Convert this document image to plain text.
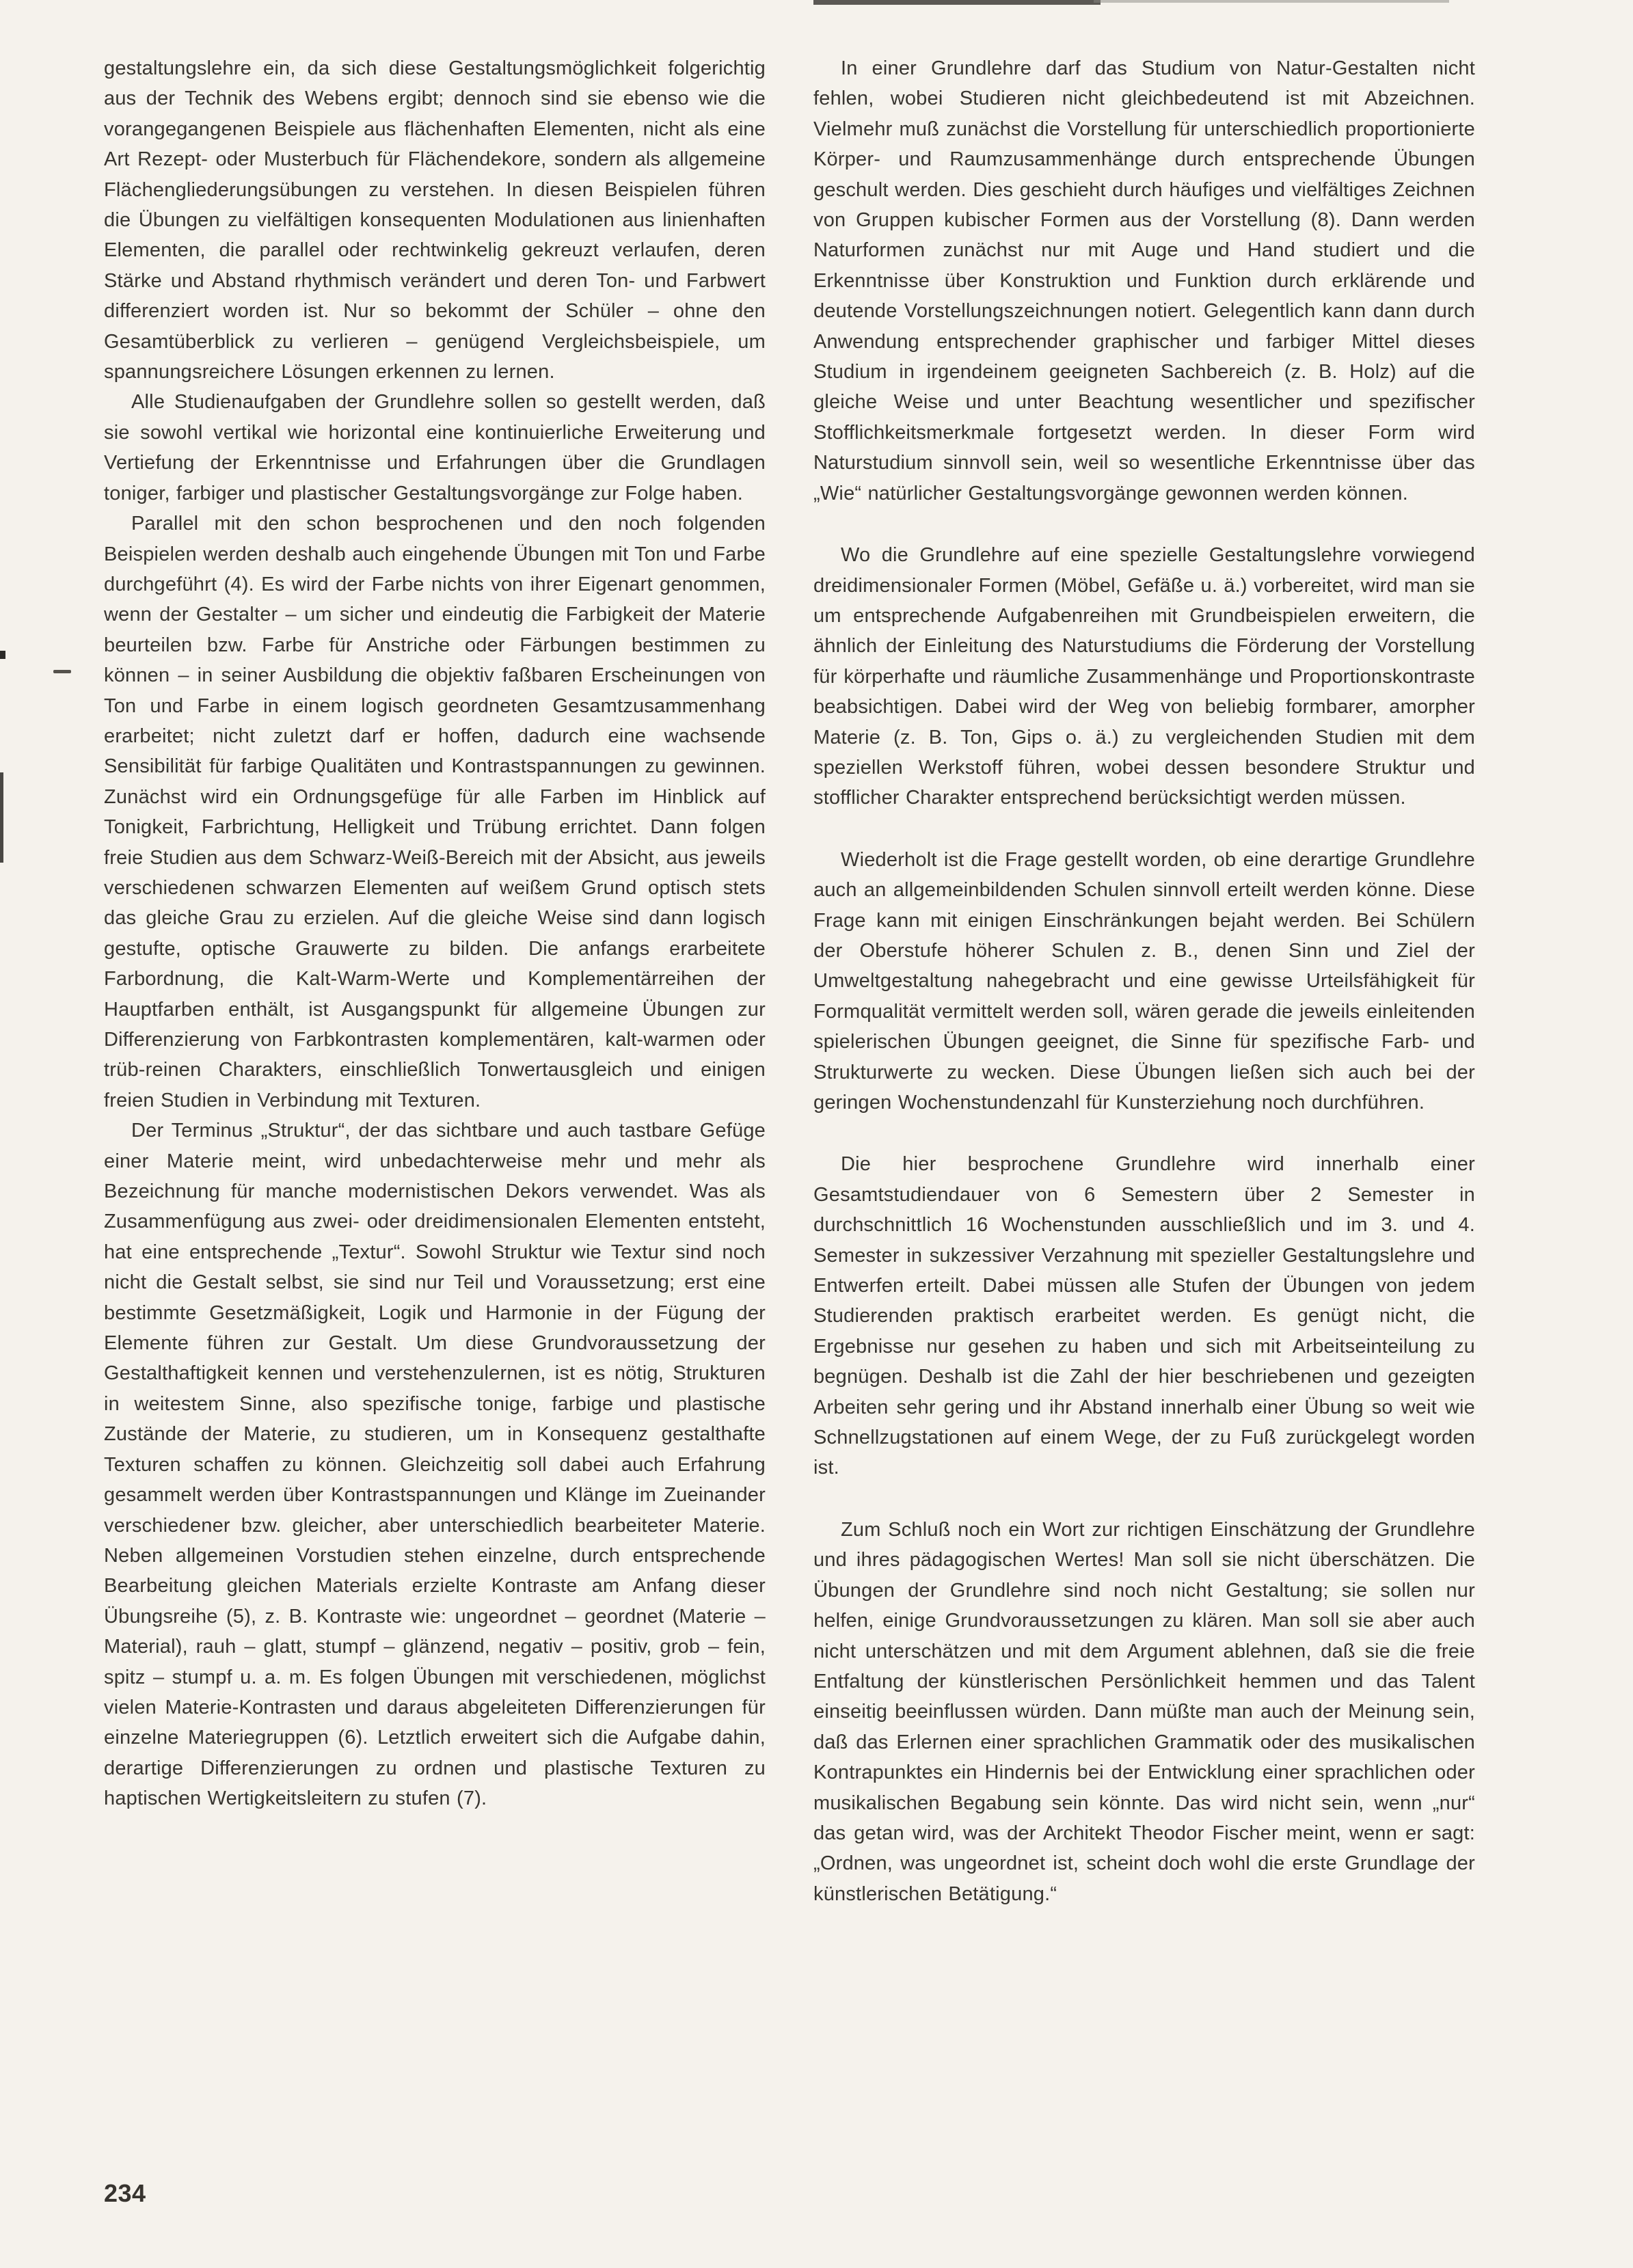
gestaltungslehre ein, da sich diese Gestaltungsmöglichkeit folgerichtig aus der Technik des Webens ergibt; dennoch sind sie ebenso wie die vorangegangenen Beispiele aus flächenhaften Elementen, nicht als eine Art Rezept- oder Musterbuch für Flächendekore, sondern als allgemeine Flächengliederungsübungen zu verstehen. In diesen Beispielen führen die Übungen zu vielfältigen konsequenten Modulationen aus linienhaften Elementen, die parallel oder rechtwinkelig gekreuzt verlaufen, deren Stärke und Abstand rhythmisch verändert und deren Ton- und Farbwert differenziert worden ist. Nur so bekommt der Schüler – ohne den Gesamtüberblick zu verlieren – genügend Vergleichsbeispiele, um spannungsreichere Lösungen erkennen zu lernen.

Alle Studienaufgaben der Grundlehre sollen so gestellt werden, daß sie sowohl vertikal wie horizontal eine kontinuierliche Erweiterung und Vertiefung der Erkenntnisse und Erfahrungen über die Grundlagen toniger, farbiger und plastischer Gestaltungsvorgänge zur Folge haben.

Parallel mit den schon besprochenen und den noch folgenden Beispielen werden deshalb auch eingehende Übungen mit Ton und Farbe durchgeführt (4). Es wird der Farbe nichts von ihrer Eigenart genommen, wenn der Gestalter – um sicher und eindeutig die Farbigkeit der Materie beurteilen bzw. Farbe für Anstriche oder Färbungen bestimmen zu können – in seiner Ausbildung die objektiv faßbaren Erscheinungen von Ton und Farbe in einem logisch geordneten Gesamtzusammenhang erarbeitet; nicht zuletzt darf er hoffen, dadurch eine wachsende Sensibilität für farbige Qualitäten und Kontrastspannungen zu gewinnen. Zunächst wird ein Ordnungsgefüge für alle Farben im Hinblick auf Tonigkeit, Farbrichtung, Helligkeit und Trübung errichtet. Dann folgen freie Studien aus dem Schwarz-Weiß-Bereich mit der Absicht, aus jeweils verschiedenen schwarzen Elementen auf weißem Grund optisch stets das gleiche Grau zu erzielen. Auf die gleiche Weise sind dann logisch gestufte, optische Grauwerte zu bilden. Die anfangs erarbeitete Farbordnung, die Kalt-Warm-Werte und Komplementärreihen der Hauptfarben enthält, ist Ausgangspunkt für allgemeine Übungen zur Differenzierung von Farbkontrasten komplementären, kalt-warmen oder trüb-reinen Charakters, einschließlich Tonwertausgleich und einigen freien Studien in Verbindung mit Texturen.

Der Terminus „Struktur“, der das sichtbare und auch tastbare Gefüge einer Materie meint, wird unbedachterweise mehr und mehr als Bezeichnung für manche modernistischen Dekors verwendet. Was als Zusammenfügung aus zwei- oder dreidimensionalen Elementen entsteht, hat eine entsprechende „Textur“. Sowohl Struktur wie Textur sind noch nicht die Gestalt selbst, sie sind nur Teil und Voraussetzung; erst eine bestimmte Gesetzmäßigkeit, Logik und Harmonie in der Fügung der Elemente führen zur Gestalt. Um diese Grundvoraussetzung der Gestalthaftigkeit kennen und verstehenzulernen, ist es nötig, Strukturen in weitestem Sinne, also spezifische tonige, farbige und plastische Zustände der Materie, zu studieren, um in Konsequenz gestalthafte Texturen schaffen zu können. Gleichzeitig soll dabei auch Erfahrung gesammelt werden über Kontrastspannungen und Klänge im Zueinander verschiedener bzw. gleicher, aber unterschiedlich bearbeiteter Materie. Neben allgemeinen Vorstudien stehen einzelne, durch entsprechende Bearbeitung gleichen Materials erzielte Kontraste am Anfang dieser Übungsreihe (5), z. B. Kontraste wie: ungeordnet – geordnet (Materie – Material), rauh – glatt, stumpf – glänzend, negativ – positiv, grob – fein, spitz – stumpf u. a. m. Es folgen Übungen mit verschiedenen, möglichst vielen Materie-Kontrasten und daraus abgeleiteten Differenzierungen für einzelne Materiegruppen (6). Letztlich erweitert sich die Aufgabe dahin, derartige Differenzierungen zu ordnen und plastische Texturen zu haptischen Wertigkeitsleitern zu stufen (7).

In einer Grundlehre darf das Studium von Natur-Gestalten nicht fehlen, wobei Studieren nicht gleichbedeutend ist mit Abzeichnen. Vielmehr muß zunächst die Vorstellung für unterschiedlich proportionierte Körper- und Raumzusammenhänge durch entsprechende Übungen geschult werden. Dies geschieht durch häufiges und vielfältiges Zeichnen von Gruppen kubischer Formen aus der Vorstellung (8). Dann werden Naturformen zunächst nur mit Auge und Hand studiert und die Erkenntnisse über Konstruktion und Funktion durch erklärende und deutende Vorstellungszeichnungen notiert. Gelegentlich kann dann durch Anwendung entsprechender graphischer und farbiger Mittel dieses Studium in irgendeinem geeigneten Sachbereich (z. B. Holz) auf die gleiche Weise und unter Beachtung wesentlicher und spezifischer Stofflichkeitsmerkmale fortgesetzt werden. In dieser Form wird Naturstudium sinnvoll sein, weil so wesentliche Erkenntnisse über das „Wie“ natürlicher Gestaltungsvorgänge gewonnen werden können.

Wo die Grundlehre auf eine spezielle Gestaltungslehre vorwiegend dreidimensionaler Formen (Möbel, Gefäße u. ä.) vorbereitet, wird man sie um entsprechende Aufgabenreihen mit Grundbeispielen erweitern, die ähnlich der Einleitung des Naturstudiums die Förderung der Vorstellung für körperhafte und räumliche Zusammenhänge und Proportionskontraste beabsichtigen. Dabei wird der Weg von beliebig formbarer, amorpher Materie (z. B. Ton, Gips o. ä.) zu vergleichenden Studien mit dem speziellen Werkstoff führen, wobei dessen besondere Struktur und stofflicher Charakter entsprechend berücksichtigt werden müssen.

Wiederholt ist die Frage gestellt worden, ob eine derartige Grundlehre auch an allgemeinbildenden Schulen sinnvoll erteilt werden könne. Diese Frage kann mit einigen Einschränkungen bejaht werden. Bei Schülern der Oberstufe höherer Schulen z. B., denen Sinn und Ziel der Umweltgestaltung nahegebracht und eine gewisse Urteilsfähigkeit für Formqualität vermittelt werden soll, wären gerade die jeweils einleitenden spielerischen Übungen geeignet, die Sinne für spezifische Farb- und Strukturwerte zu wecken. Diese Übungen ließen sich auch bei der geringen Wochenstundenzahl für Kunsterziehung noch durchführen.

Die hier besprochene Grundlehre wird innerhalb einer Gesamtstudiendauer von 6 Semestern über 2 Semester in durchschnittlich 16 Wochenstunden ausschließlich und im 3. und 4. Semester in sukzessiver Verzahnung mit spezieller Gestaltungslehre und Entwerfen erteilt. Dabei müssen alle Stufen der Übungen von jedem Studierenden praktisch erarbeitet werden. Es genügt nicht, die Ergebnisse nur gesehen zu haben und sich mit Arbeitseinteilung zu begnügen. Deshalb ist die Zahl der hier beschriebenen und gezeigten Arbeiten sehr gering und ihr Abstand innerhalb einer Übung so weit wie Schnellzugstationen auf einem Wege, der zu Fuß zurückgelegt worden ist.

Zum Schluß noch ein Wort zur richtigen Einschätzung der Grundlehre und ihres pädagogischen Wertes! Man soll sie nicht überschätzen. Die Übungen der Grundlehre sind noch nicht Gestaltung; sie sollen nur helfen, einige Grundvoraussetzungen zu klären. Man soll sie aber auch nicht unterschätzen und mit dem Argument ablehnen, daß sie die freie Entfaltung der künstlerischen Persönlichkeit hemmen und das Talent einseitig beeinflussen würden. Dann müßte man auch der Meinung sein, daß das Erlernen einer sprachlichen Grammatik oder des musikalischen Kontrapunktes ein Hindernis bei der Entwicklung einer sprachlichen oder musikalischen Begabung sein könnte. Das wird nicht sein, wenn „nur“ das getan wird, was der Architekt Theodor Fischer meint, wenn er sagt: „Ordnen, was ungeordnet ist, scheint doch wohl die erste Grundlage der künstlerischen Betätigung.“

234
